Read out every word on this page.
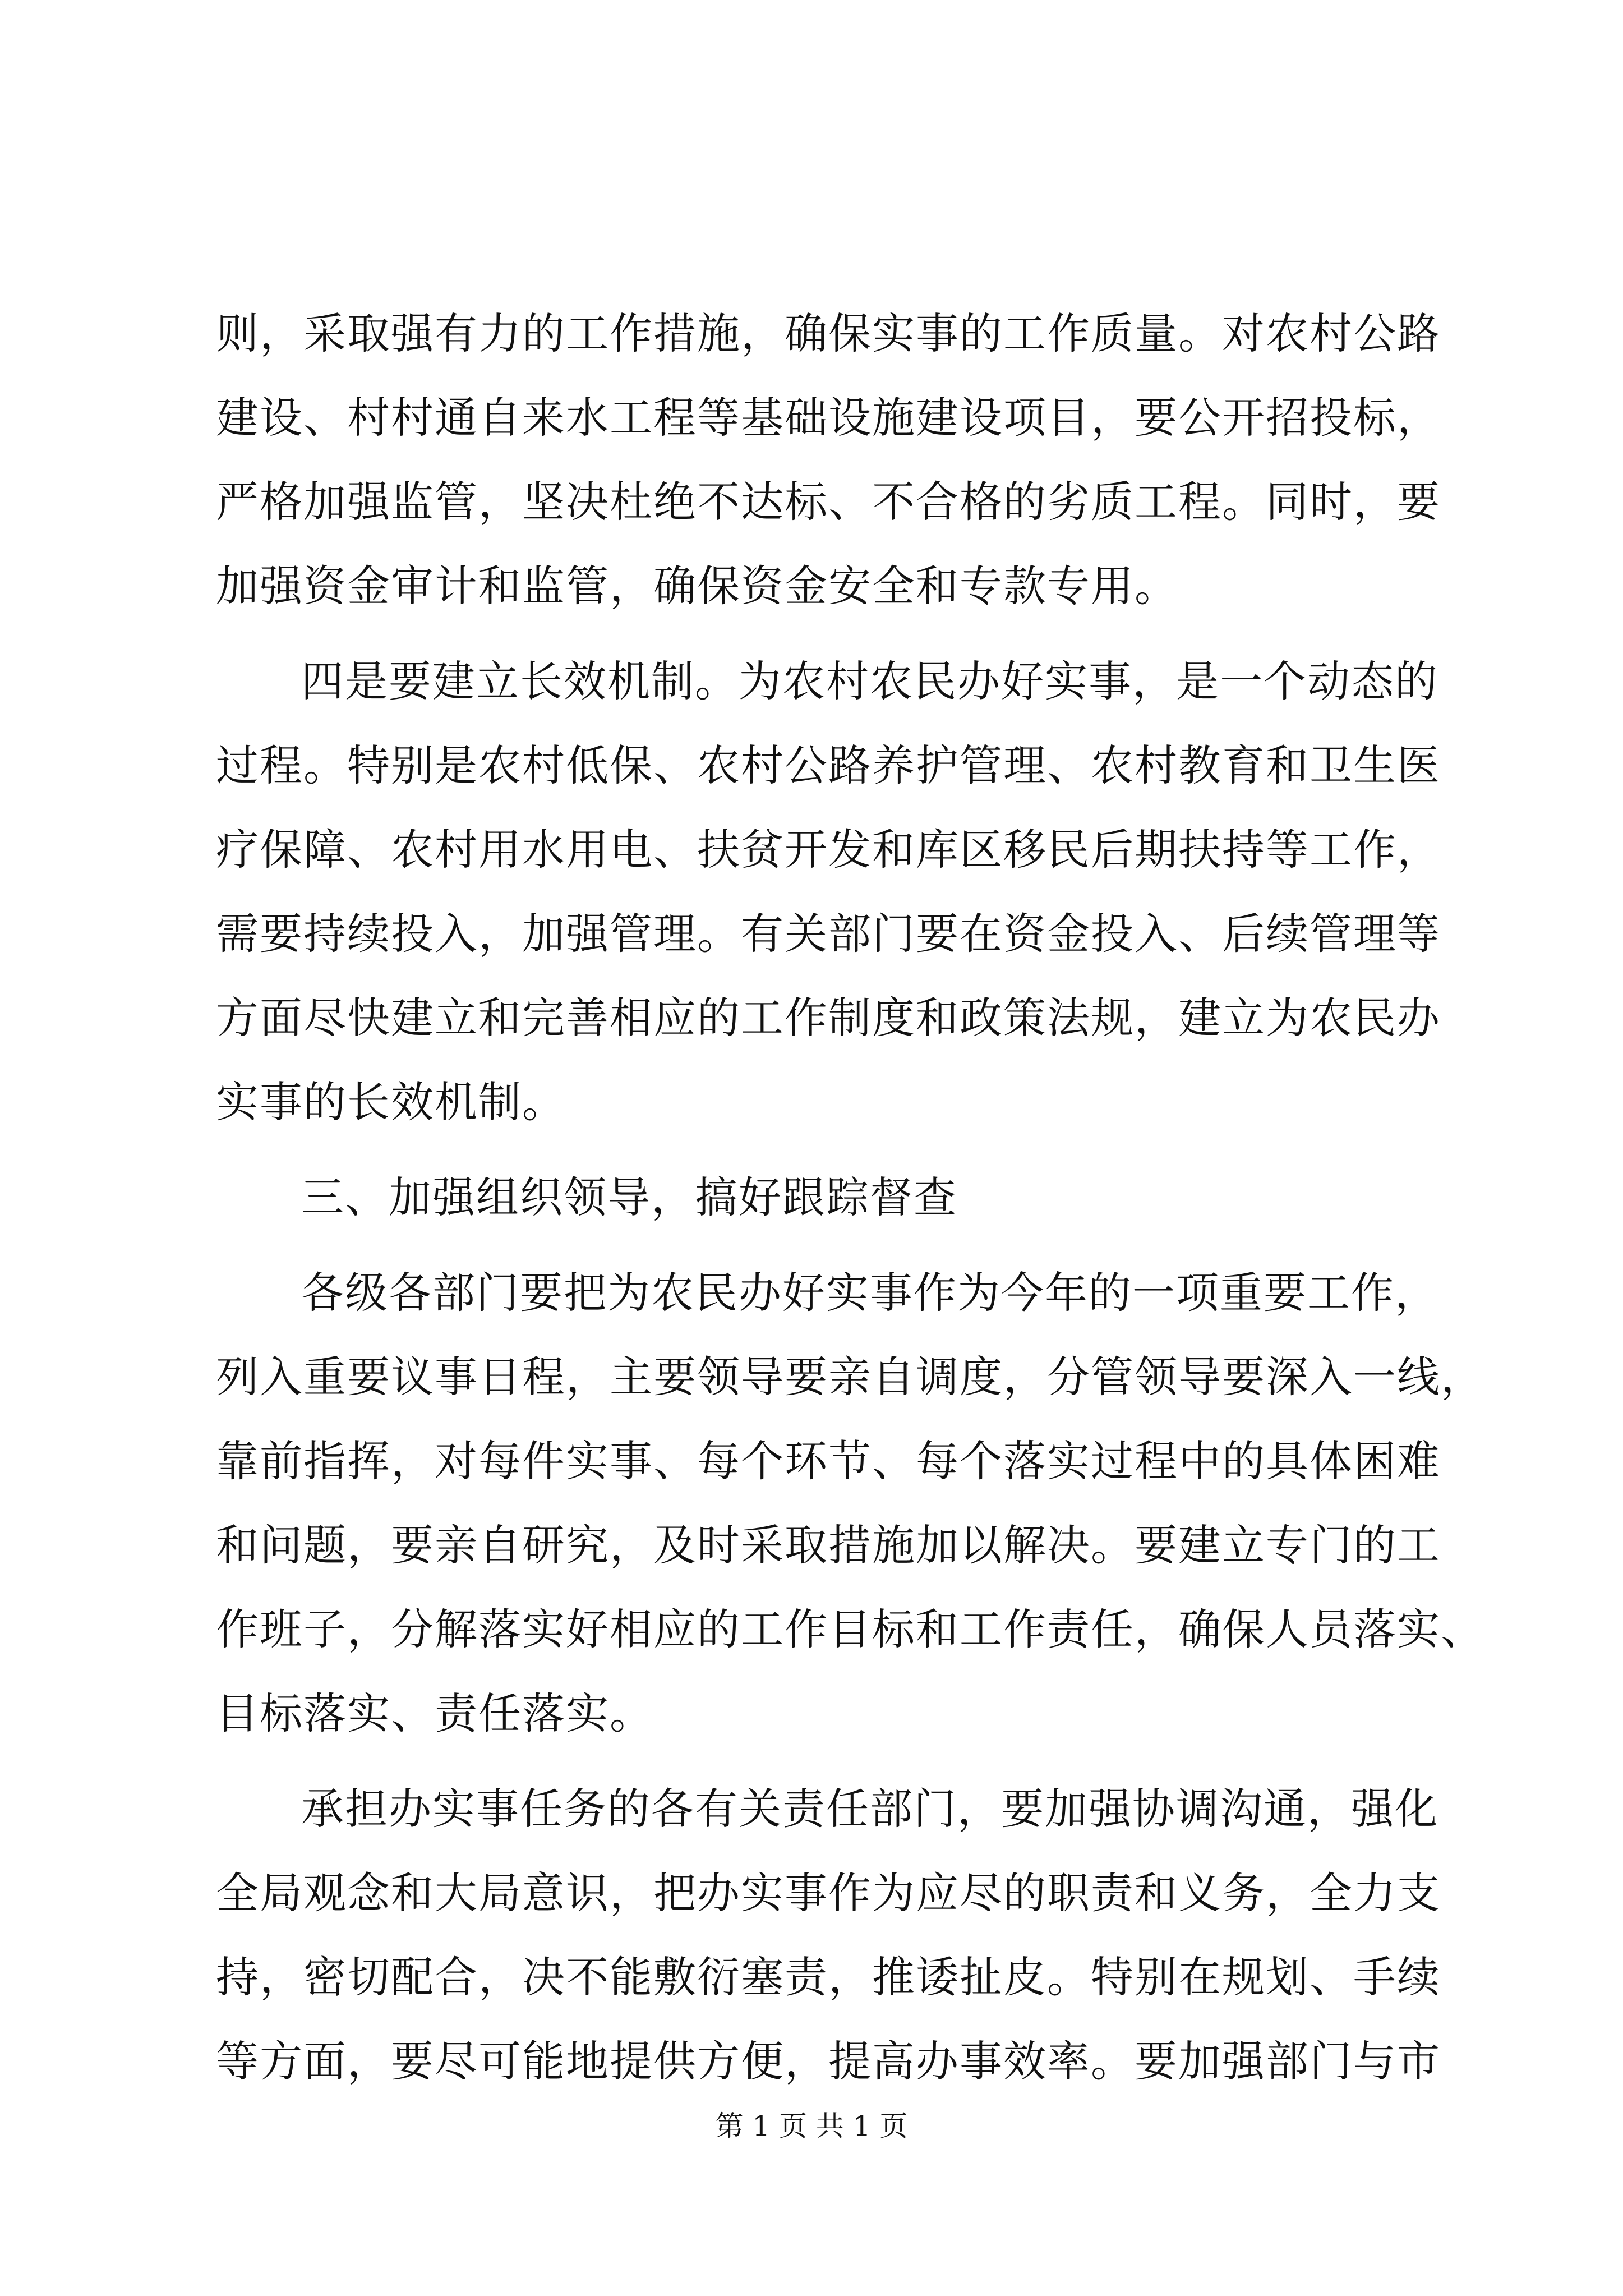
则，采取强有力的工作措施，确保实事的工作质量。对农村公路
建设、村村通自来水工程等基础设施建设项目，要公开招投标，
严格加强监管，坚决杜绝不达标、不合格的劣质工程。同时，要
加强资金审计和监管，确保资金安全和专款专用。
四是要建立长效机制。为农村农民办好实事，是一个动态的
过程。特别是农村低保、农村公路养护管理、农村教育和卫生医
疗保障、农村用水用电、扶贫开发和库区移民后期扶持等工作，
需要持续投入，加强管理。有关部门要在资金投入、后续管理等
方面尽快建立和完善相应的工作制度和政策法规，建立为农民办
实事的长效机制。
三、加强组织领导，搞好跟踪督查
各级各部门要把为农民办好实事作为今年的一项重要工作，
列入重要议事日程，主要领导要亲自调度，分管领导要深入一线，
靠前指挥，对每件实事、每个环节、每个落实过程中的具体困难
和问题，要亲自研究，及时采取措施加以解决。要建立专门的工
作班子，分解落实好相应的工作目标和工作责任，确保人员落实、
目标落实、责任落实。
承担办实事任务的各有关责任部门，要加强协调沟通，强化
全局观念和大局意识，把办实事作为应尽的职责和义务，全力支
持，密切配合，决不能敷衍塞责，推诿扯皮。特别在规划、手续
等方面，要尽可能地提供方便，提高办事效率。要加强部门与市
第 1 页 共 1 页
